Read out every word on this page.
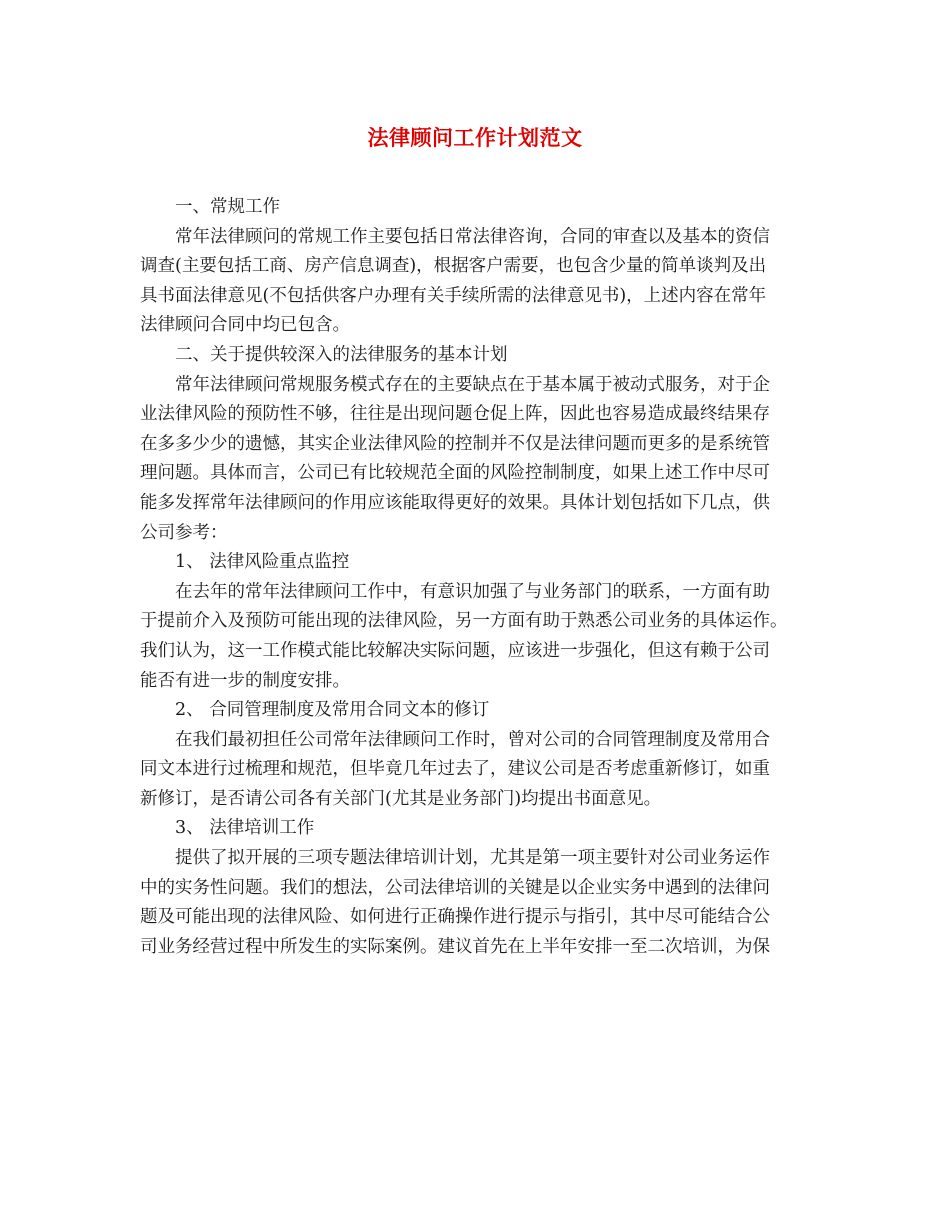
法律顾问工作计划范文
一、常规工作
常年法律顾问的常规工作主要包括日常法律咨询，合同的审查以及基本的资信
调查(主要包括工商、房产信息调查)，根据客户需要，也包含少量的简单谈判及出
具书面法律意见(不包括供客户办理有关手续所需的法律意见书)，上述内容在常年
法律顾问合同中均已包含。
二、关于提供较深入的法律服务的基本计划
常年法律顾问常规服务模式存在的主要缺点在于基本属于被动式服务，对于企
业法律风险的预防性不够，往往是出现问题仓促上阵，因此也容易造成最终结果存
在多多少少的遗憾，其实企业法律风险的控制并不仅是法律问题而更多的是系统管
理问题。具体而言，公司已有比较规范全面的风险控制制度，如果上述工作中尽可
能多发挥常年法律顾问的作用应该能取得更好的效果。具体计划包括如下几点，供
公司参考：
1、 法律风险重点监控
在去年的常年法律顾问工作中，有意识加强了与业务部门的联系，一方面有助
于提前介入及预防可能出现的法律风险，另一方面有助于熟悉公司业务的具体运作。
我们认为，这一工作模式能比较解决实际问题，应该进一步强化，但这有赖于公司
能否有进一步的制度安排。
2、 合同管理制度及常用合同文本的修订
在我们最初担任公司常年法律顾问工作时，曾对公司的合同管理制度及常用合
同文本进行过梳理和规范，但毕竟几年过去了，建议公司是否考虑重新修订，如重
新修订，是否请公司各有关部门(尤其是业务部门)均提出书面意见。
3、 法律培训工作
提供了拟开展的三项专题法律培训计划，尤其是第一项主要针对公司业务运作
中的实务性问题。我们的想法，公司法律培训的关键是以企业实务中遇到的法律问
题及可能出现的法律风险、如何进行正确操作进行提示与指引，其中尽可能结合公
司业务经营过程中所发生的实际案例。建议首先在上半年安排一至二次培训，为保
